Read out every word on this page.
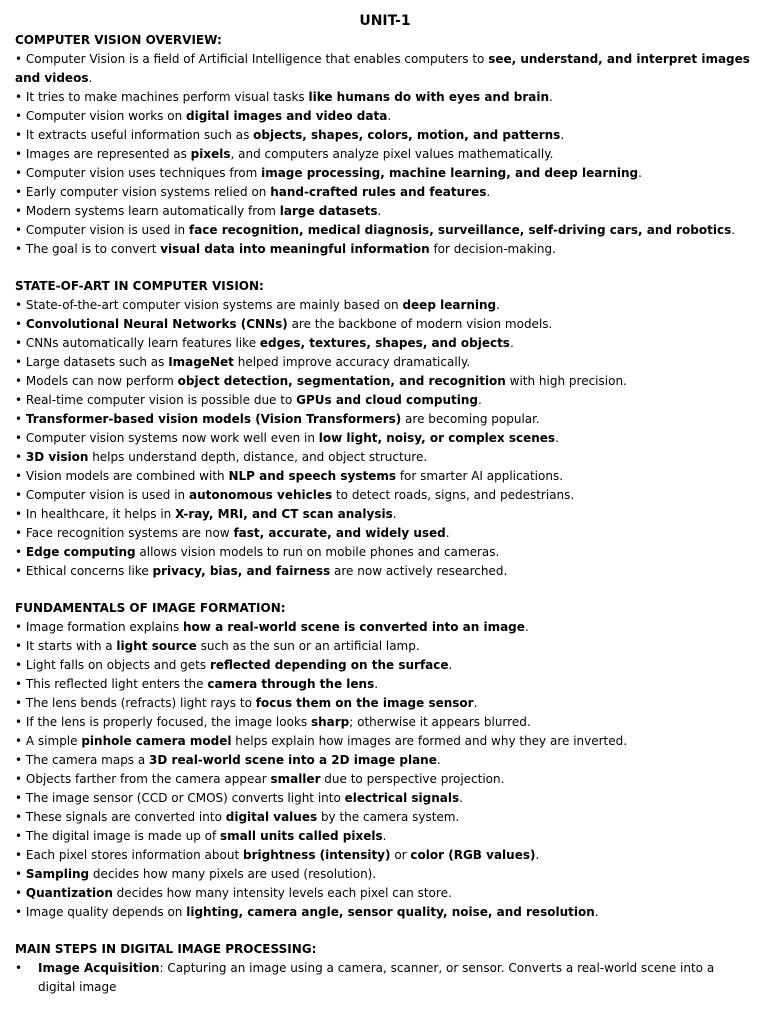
UNIT-1
COMPUTER VISION OVERVIEW:
• Computer Vision is a field of Artificial Intelligence that enables computers to see, understand, and interpret images and videos.
• It tries to make machines perform visual tasks like humans do with eyes and brain.
• Computer vision works on digital images and video data.
• It extracts useful information such as objects, shapes, colors, motion, and patterns.
• Images are represented as pixels, and computers analyze pixel values mathematically.
• Computer vision uses techniques from image processing, machine learning, and deep learning.
• Early computer vision systems relied on hand-crafted rules and features.
• Modern systems learn automatically from large datasets.
• Computer vision is used in face recognition, medical diagnosis, surveillance, self-driving cars, and robotics.
• The goal is to convert visual data into meaningful information for decision-making.
STATE-OF-ART IN COMPUTER VISION:
• State-of-the-art computer vision systems are mainly based on deep learning.
• Convolutional Neural Networks (CNNs) are the backbone of modern vision models.
• CNNs automatically learn features like edges, textures, shapes, and objects.
• Large datasets such as ImageNet helped improve accuracy dramatically.
• Models can now perform object detection, segmentation, and recognition with high precision.
• Real-time computer vision is possible due to GPUs and cloud computing.
• Transformer-based vision models (Vision Transformers) are becoming popular.
• Computer vision systems now work well even in low light, noisy, or complex scenes.
• 3D vision helps understand depth, distance, and object structure.
• Vision models are combined with NLP and speech systems for smarter AI applications.
• Computer vision is used in autonomous vehicles to detect roads, signs, and pedestrians.
• In healthcare, it helps in X-ray, MRI, and CT scan analysis.
• Face recognition systems are now fast, accurate, and widely used.
• Edge computing allows vision models to run on mobile phones and cameras.
• Ethical concerns like privacy, bias, and fairness are now actively researched.
FUNDAMENTALS OF IMAGE FORMATION:
• Image formation explains how a real-world scene is converted into an image.
• It starts with a light source such as the sun or an artificial lamp.
• Light falls on objects and gets reflected depending on the surface.
• This reflected light enters the camera through the lens.
• The lens bends (refracts) light rays to focus them on the image sensor.
• If the lens is properly focused, the image looks sharp; otherwise it appears blurred.
• A simple pinhole camera model helps explain how images are formed and why they are inverted.
• The camera maps a 3D real-world scene into a 2D image plane.
• Objects farther from the camera appear smaller due to perspective projection.
• The image sensor (CCD or CMOS) converts light into electrical signals.
• These signals are converted into digital values by the camera system.
• The digital image is made up of small units called pixels.
• Each pixel stores information about brightness (intensity) or color (RGB values).
• Sampling decides how many pixels are used (resolution).
• Quantization decides how many intensity levels each pixel can store.
• Image quality depends on lighting, camera angle, sensor quality, noise, and resolution.
MAIN STEPS IN DIGITAL IMAGE PROCESSING:
• Image Acquisition: Capturing an image using a camera, scanner, or sensor. Converts a real-world scene into a digital image
